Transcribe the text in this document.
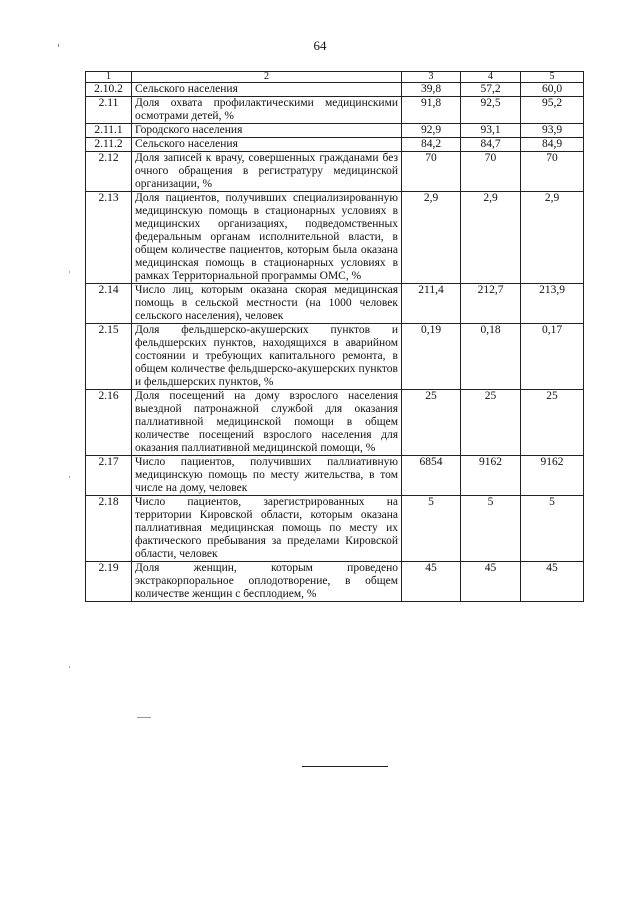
64
1	2	3	4	5
2.10.2	Сельского населения	39,8	57,2	60,0
2.11	Доля охвата профилактическими медицинскими осмотрами детей, %	91,8	92,5	95,2
2.11.1	Городского населения	92,9	93,1	93,9
2.11.2	Сельского населения	84,2	84,7	84,9
2.12	Доля записей к врачу, совершенных гражданами без очного обращения в регистратуру медицинской организации, %	70	70	70
2.13	Доля пациентов, получивших специализированную медицинскую помощь в стационарных условиях в медицинских организациях, подведомственных федеральным органам исполнительной власти, в общем количестве пациентов, которым была оказана медицинская помощь в стационарных условиях в рамках Территориальной программы ОМС, %	2,9	2,9	2,9
2.14	Число лиц, которым оказана скорая медицинская помощь в сельской местности (на 1000 человек сельского населения), человек	211,4	212,7	213,9
2.15	Доля фельдшерско-акушерских пунктов и фельдшерских пунктов, находящихся в аварийном состоянии и требующих капитального ремонта, в общем количестве фельдшерско-акушерских пунктов и фельдшерских пунктов, %	0,19	0,18	0,17
2.16	Доля посещений на дому взрослого населения выездной патронажной службой для оказания паллиативной медицинской помощи в общем количестве посещений взрослого населения для оказания паллиативной медицинской помощи, %	25	25	25
2.17	Число пациентов, получивших паллиативную медицинскую помощь по месту жительства, в том числе на дому, человек	6854	9162	9162
2.18	Число пациентов, зарегистрированных на территории Кировской области, которым оказана паллиативная медицинская помощь по месту их фактического пребывания за пределами Кировской области, человек	5	5	5
2.19	Доля женщин, которым проведено экстракорпоральное оплодотворение, в общем количестве женщин с бесплодием, %	45	45	45
